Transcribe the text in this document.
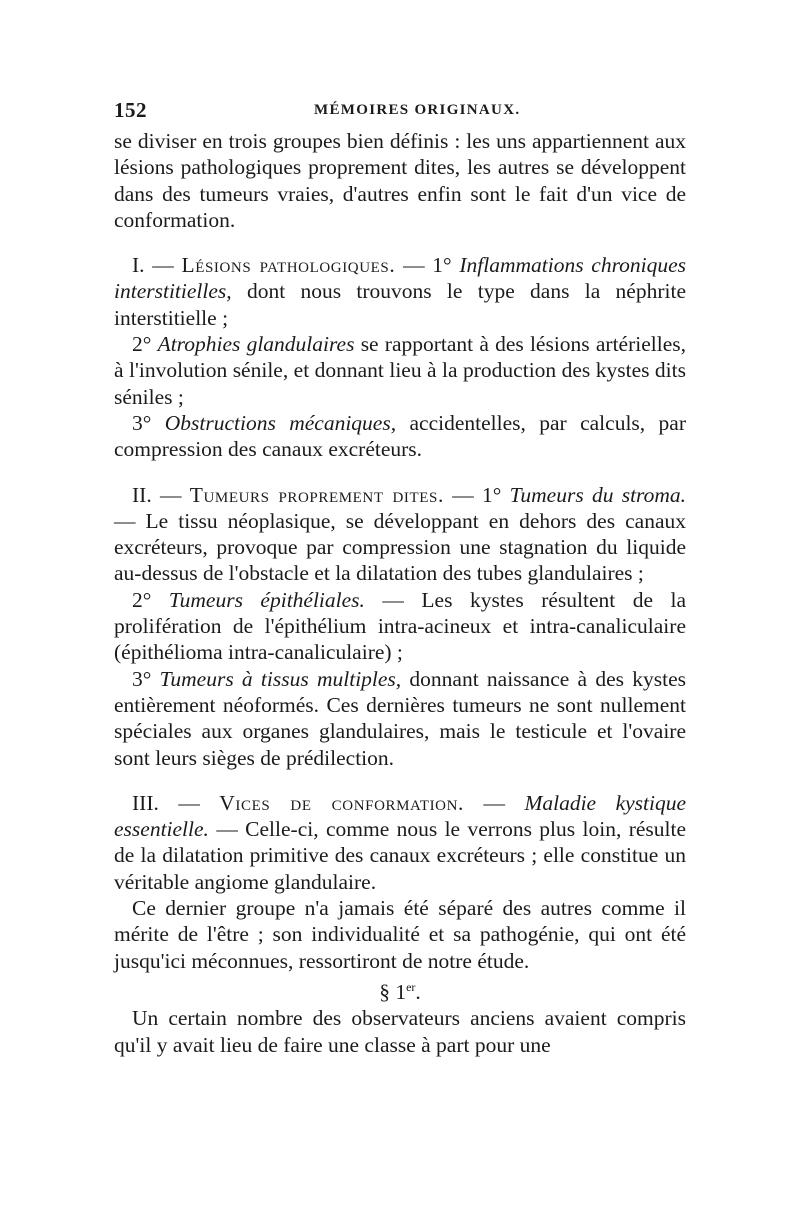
152	MÉMOIRES ORIGINAUX.

se diviser en trois groupes bien définis : les uns appartiennent aux lésions pathologiques proprement dites, les autres se développent dans des tumeurs vraies, d'autres enfin sont le fait d'un vice de conformation.

I. — Lésions pathologiques. — 1° Inflammations chroniques interstitielles, dont nous trouvons le type dans la néphrite interstitielle ;

2° Atrophies glandulaires se rapportant à des lésions artérielles, à l'involution sénile, et donnant lieu à la production des kystes dits séniles ;

3° Obstructions mécaniques, accidentelles, par calculs, par compression des canaux excréteurs.

II. — Tumeurs proprement dites. — 1° Tumeurs du stroma. — Le tissu néoplasique, se développant en dehors des canaux excréteurs, provoque par compression une stagnation du liquide au-dessus de l'obstacle et la dilatation des tubes glandulaires ;

2° Tumeurs épithéliales. — Les kystes résultent de la prolifération de l'épithélium intra-acineux et intra-canaliculaire (épithélioma intra-canaliculaire) ;

3° Tumeurs à tissus multiples, donnant naissance à des kystes entièrement néoformés. Ces dernières tumeurs ne sont nullement spéciales aux organes glandulaires, mais le testicule et l'ovaire sont leurs sièges de prédilection.

III. — Vices de conformation. — Maladie kystique essentielle. — Celle-ci, comme nous le verrons plus loin, résulte de la dilatation primitive des canaux excréteurs ; elle constitue un véritable angiome glandulaire.

Ce dernier groupe n'a jamais été séparé des autres comme il mérite de l'être ; son individualité et sa pathogénie, qui ont été jusqu'ici méconnues, ressortiront de notre étude.

§ 1er.

Un certain nombre des observateurs anciens avaient compris qu'il y avait lieu de faire une classe à part pour une
